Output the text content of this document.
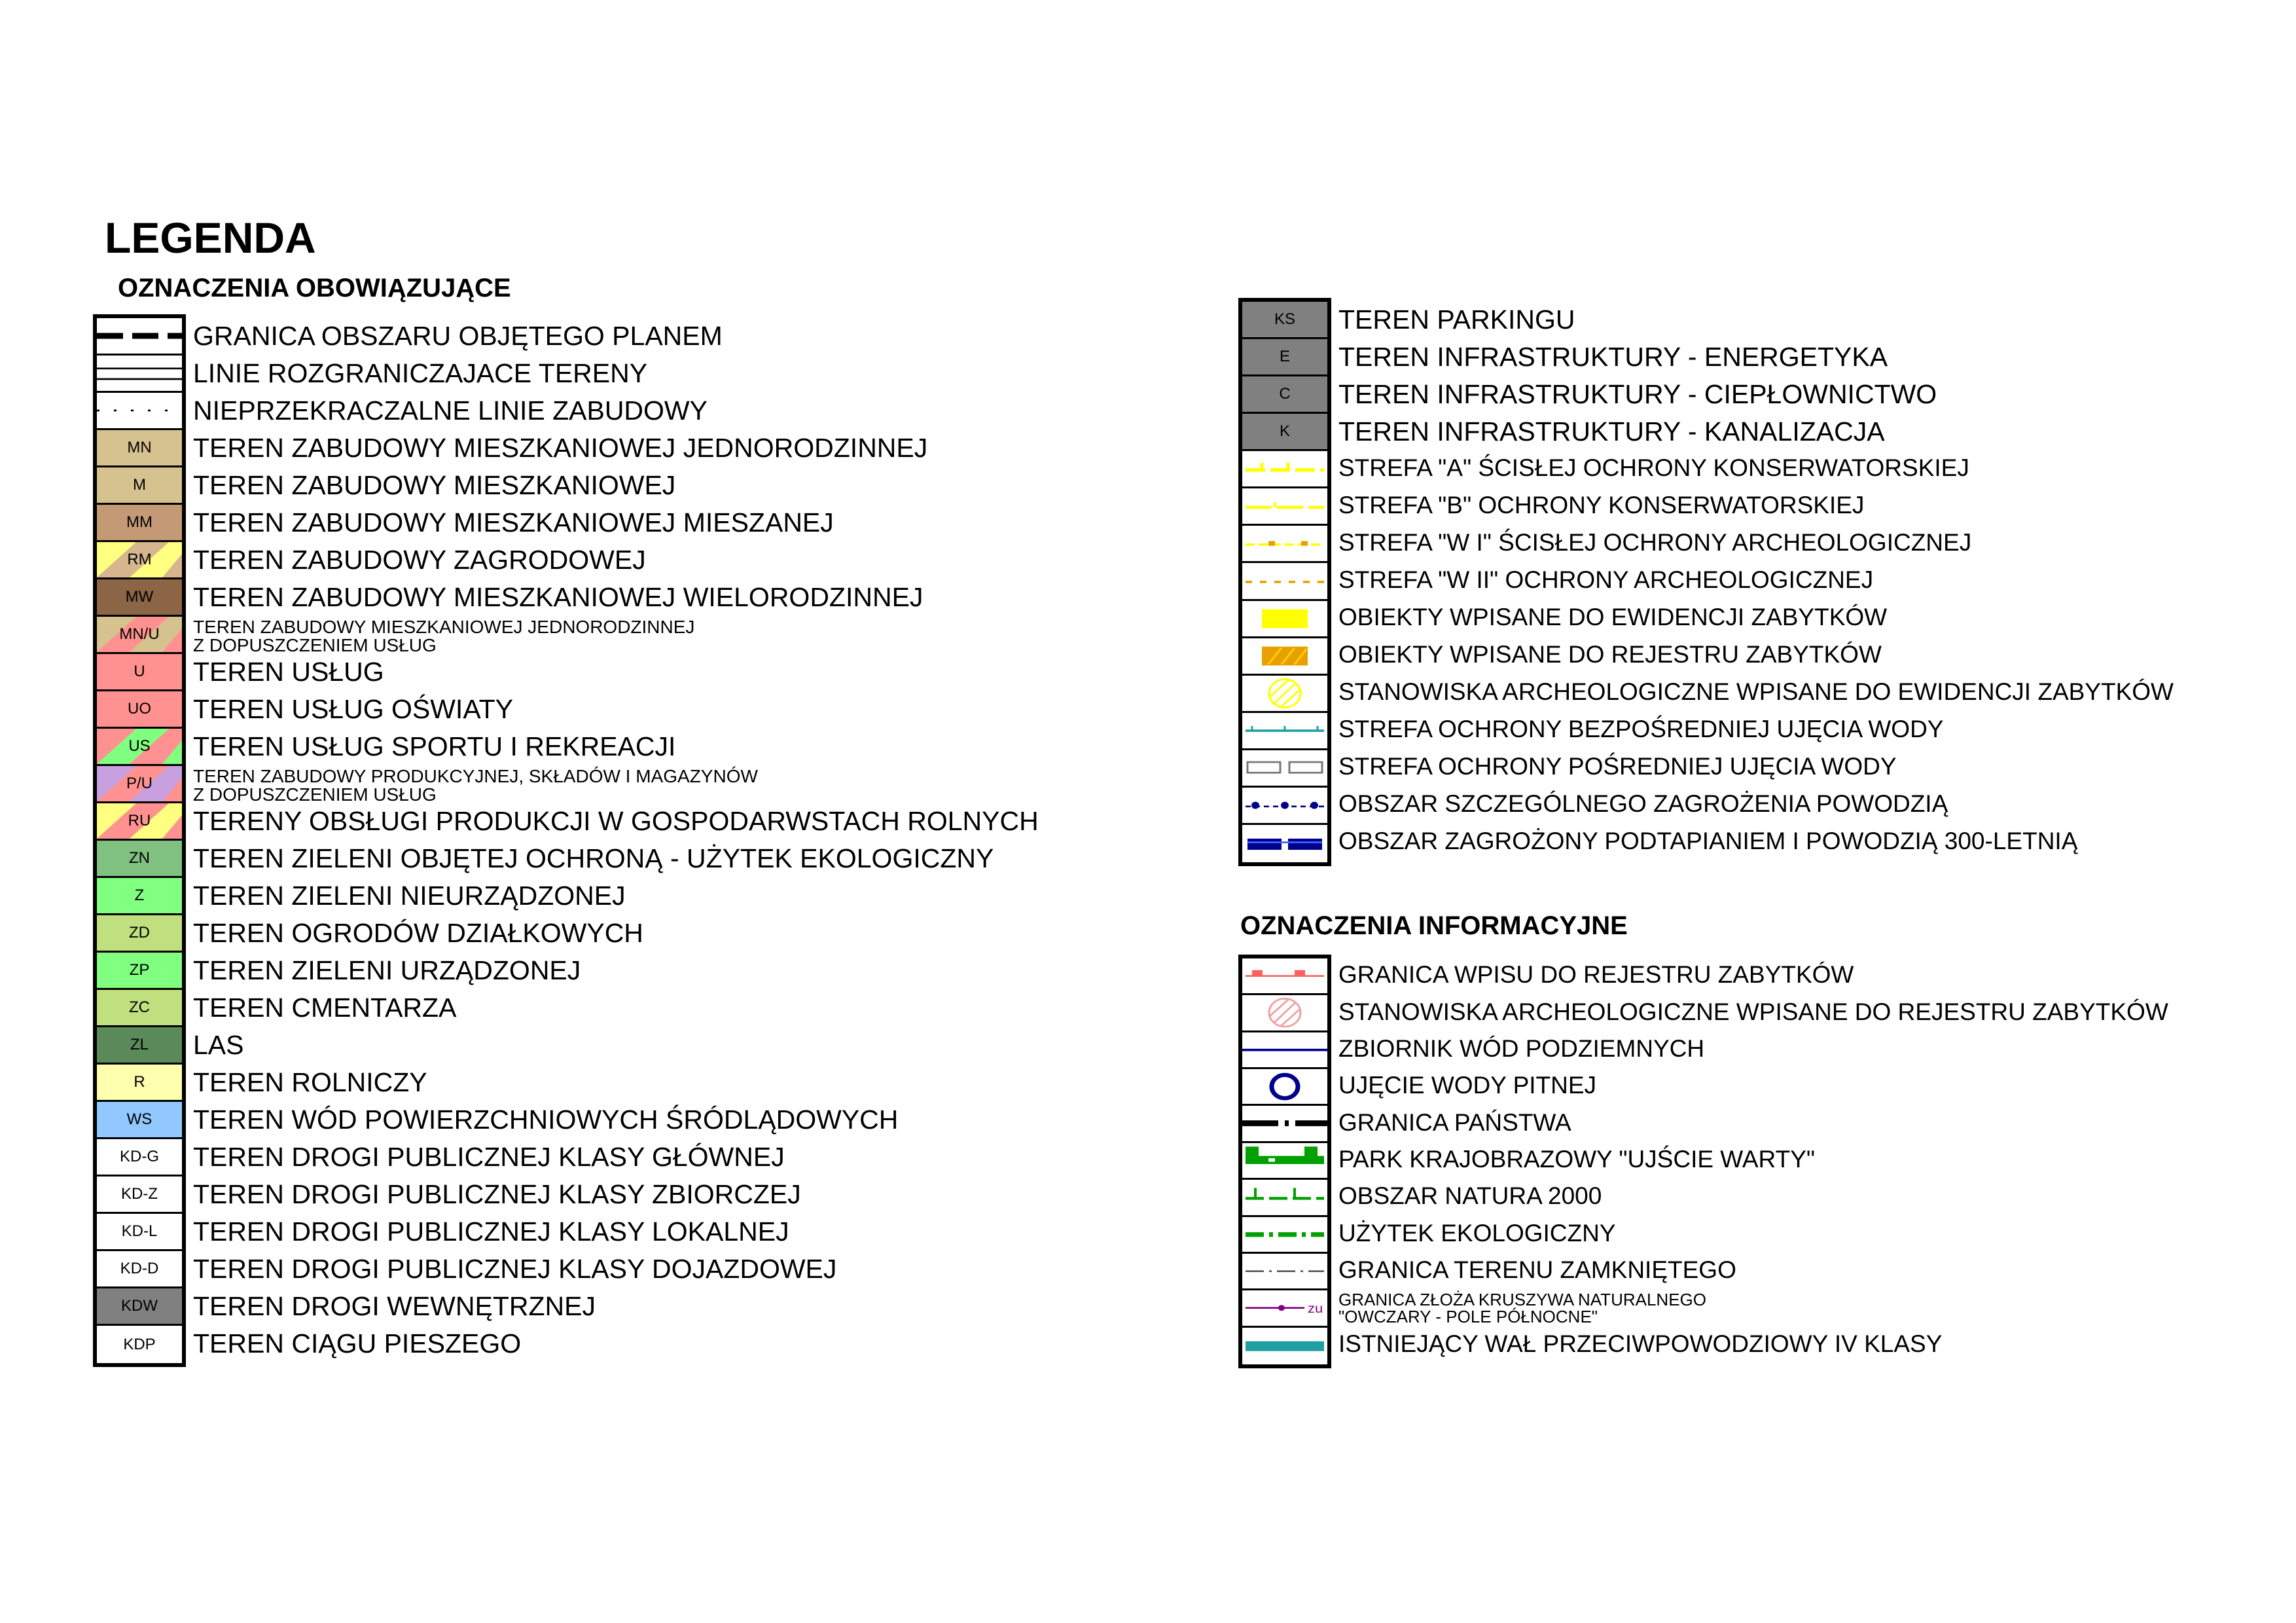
LEGENDA
OZNACZENIA OBOWIĄZUJĄCE
MN
M
MM
RM
MW
MN/U
U
UO
US
P/U
RU
ZN
Z
ZD
ZP
ZC
ZL
R
WS
KD-G
KD-Z
KD-L
KD-D
KDW
KDP
GRANICA OBSZARU OBJĘTEGO PLANEM
LINIE ROZGRANICZAJACE TERENY
NIEPRZEKRACZALNE LINIE ZABUDOWY
TEREN ZABUDOWY MIESZKANIOWEJ JEDNORODZINNEJ
TEREN ZABUDOWY MIESZKANIOWEJ
TEREN ZABUDOWY MIESZKANIOWEJ MIESZANEJ
TEREN ZABUDOWY ZAGRODOWEJ
TEREN ZABUDOWY MIESZKANIOWEJ WIELORODZINNEJ
TEREN ZABUDOWY MIESZKANIOWEJ JEDNORODZINNEJ
Z DOPUSZCZENIEM USŁUG
TEREN USŁUG
TEREN USŁUG OŚWIATY
TEREN USŁUG SPORTU I REKREACJI
TEREN ZABUDOWY PRODUKCYJNEJ, SKŁADÓW I MAGAZYNÓW
Z DOPUSZCZENIEM USŁUG
TERENY OBSŁUGI PRODUKCJI W GOSPODARWSTACH ROLNYCH
TEREN ZIELENI OBJĘTEJ OCHRONĄ - UŻYTEK EKOLOGICZNY
TEREN ZIELENI NIEURZĄDZONEJ
TEREN OGRODÓW DZIAŁKOWYCH
TEREN ZIELENI URZĄDZONEJ
TEREN CMENTARZA
LAS
TEREN ROLNICZY
TEREN WÓD POWIERZCHNIOWYCH ŚRÓDLĄDOWYCH
TEREN DROGI PUBLICZNEJ KLASY GŁÓWNEJ
TEREN DROGI PUBLICZNEJ KLASY ZBIORCZEJ
TEREN DROGI PUBLICZNEJ KLASY LOKALNEJ
TEREN DROGI PUBLICZNEJ KLASY DOJAZDOWEJ
TEREN DROGI WEWNĘTRZNEJ
TEREN CIĄGU PIESZEGO
KS
E
C
K
TEREN PARKINGU
TEREN INFRASTRUKTURY - ENERGETYKA
TEREN INFRASTRUKTURY - CIEPŁOWNICTWO
TEREN INFRASTRUKTURY - KANALIZACJA
STREFA "A" ŚCISŁEJ OCHRONY KONSERWATORSKIEJ
STREFA "B" OCHRONY KONSERWATORSKIEJ
STREFA "W I" ŚCISŁEJ OCHRONY ARCHEOLOGICZNEJ
STREFA "W II" OCHRONY ARCHEOLOGICZNEJ
OBIEKTY WPISANE DO EWIDENCJI ZABYTKÓW
OBIEKTY WPISANE DO REJESTRU ZABYTKÓW
STANOWISKA ARCHEOLOGICZNE WPISANE DO EWIDENCJI ZABYTKÓW
STREFA OCHRONY BEZPOŚREDNIEJ UJĘCIA WODY
STREFA OCHRONY POŚREDNIEJ UJĘCIA WODY
OBSZAR SZCZEGÓLNEGO ZAGROŻENIA POWODZIĄ
OBSZAR ZAGROŻONY PODTAPIANIEM I POWODZIĄ 300-LETNIĄ
OZNACZENIA INFORMACYJNE
zu
GRANICA WPISU DO REJESTRU ZABYTKÓW
STANOWISKA ARCHEOLOGICZNE WPISANE DO REJESTRU ZABYTKÓW
ZBIORNIK WÓD PODZIEMNYCH
UJĘCIE WODY PITNEJ
GRANICA PAŃSTWA
PARK KRAJOBRAZOWY "UJŚCIE WARTY"
OBSZAR NATURA 2000
UŻYTEK EKOLOGICZNY
GRANICA TERENU ZAMKNIĘTEGO
GRANICA ZŁOŻA KRUSZYWA NATURALNEGO
"OWCZARY - POLE PÓŁNOCNE"
ISTNIEJĄCY WAŁ PRZECIWPOWODZIOWY IV KLASY
